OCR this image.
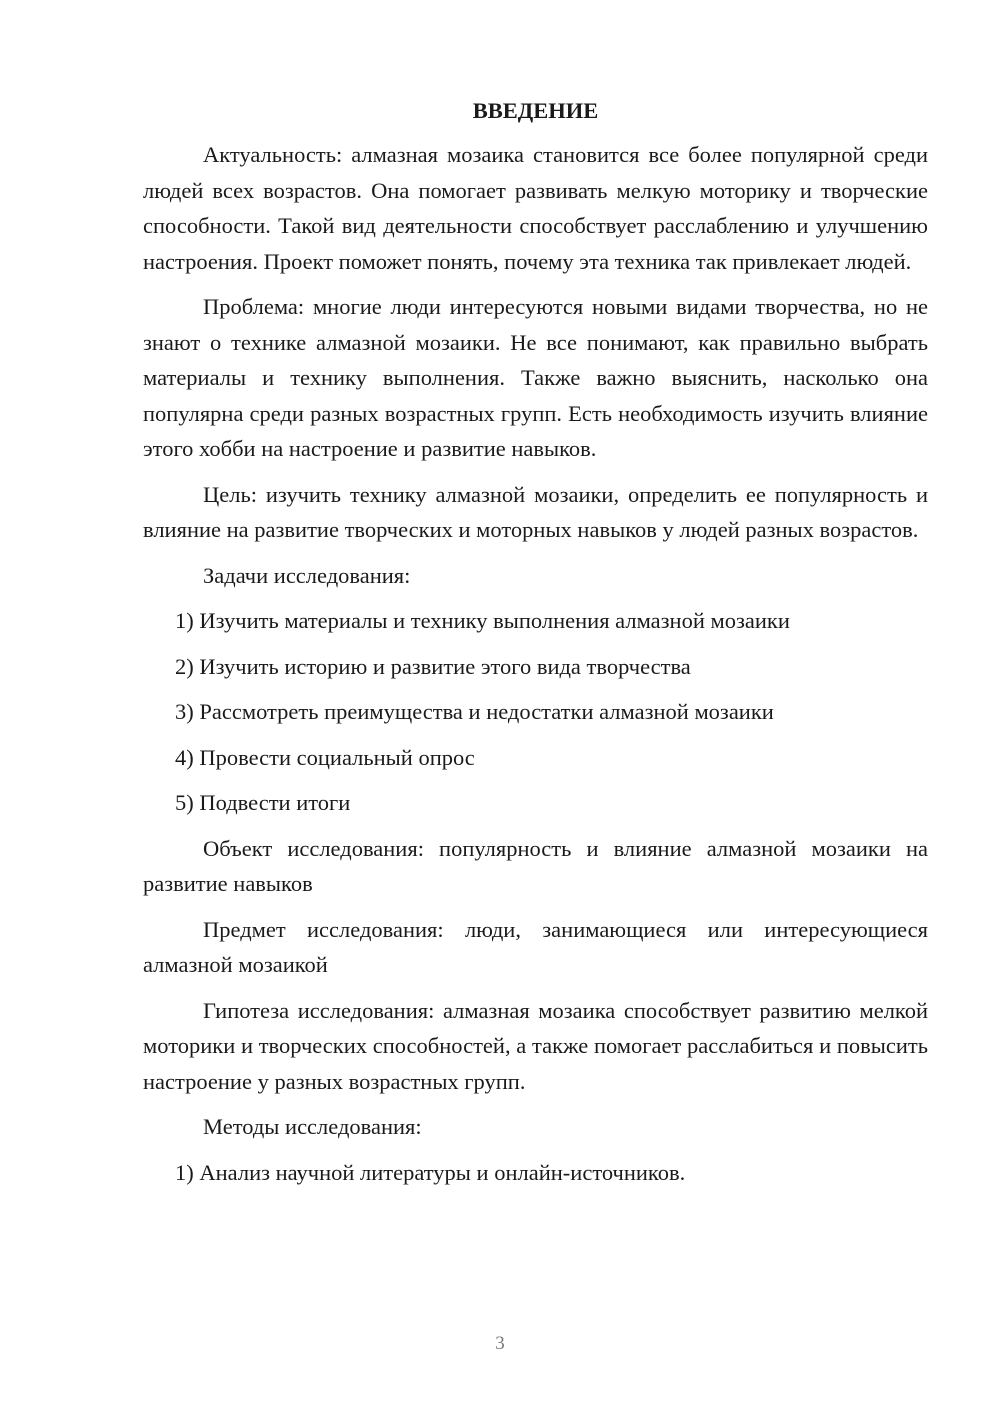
ВВЕДЕНИЕ
Актуальность: алмазная мозаика становится все более популярной среди людей всех возрастов. Она помогает развивать мелкую моторику и творческие способности. Такой вид деятельности способствует расслаблению и улучшению настроения. Проект поможет понять, почему эта техника так привлекает людей.
Проблема: многие люди интересуются новыми видами творчества, но не знают о технике алмазной мозаики. Не все понимают, как правильно выбрать материалы и технику выполнения. Также важно выяснить, насколько она популярна среди разных возрастных групп. Есть необходимость изучить влияние этого хобби на настроение и развитие навыков.
Цель: изучить технику алмазной мозаики, определить ее популярность и влияние на развитие творческих и моторных навыков у людей разных возрастов.
Задачи исследования:
1) Изучить материалы и технику выполнения алмазной мозаики
2) Изучить историю и развитие этого вида творчества
3) Рассмотреть преимущества и недостатки алмазной мозаики
4) Провести социальный опрос
5) Подвести итоги
Объект исследования: популярность и влияние алмазной мозаики на развитие навыков
Предмет исследования: люди, занимающиеся или интересующиеся алмазной мозаикой
Гипотеза исследования: алмазная мозаика способствует развитию мелкой моторики и творческих способностей, а также помогает расслабиться и повысить настроение у разных возрастных групп.
Методы исследования:
1) Анализ научной литературы и онлайн-источников.
3
